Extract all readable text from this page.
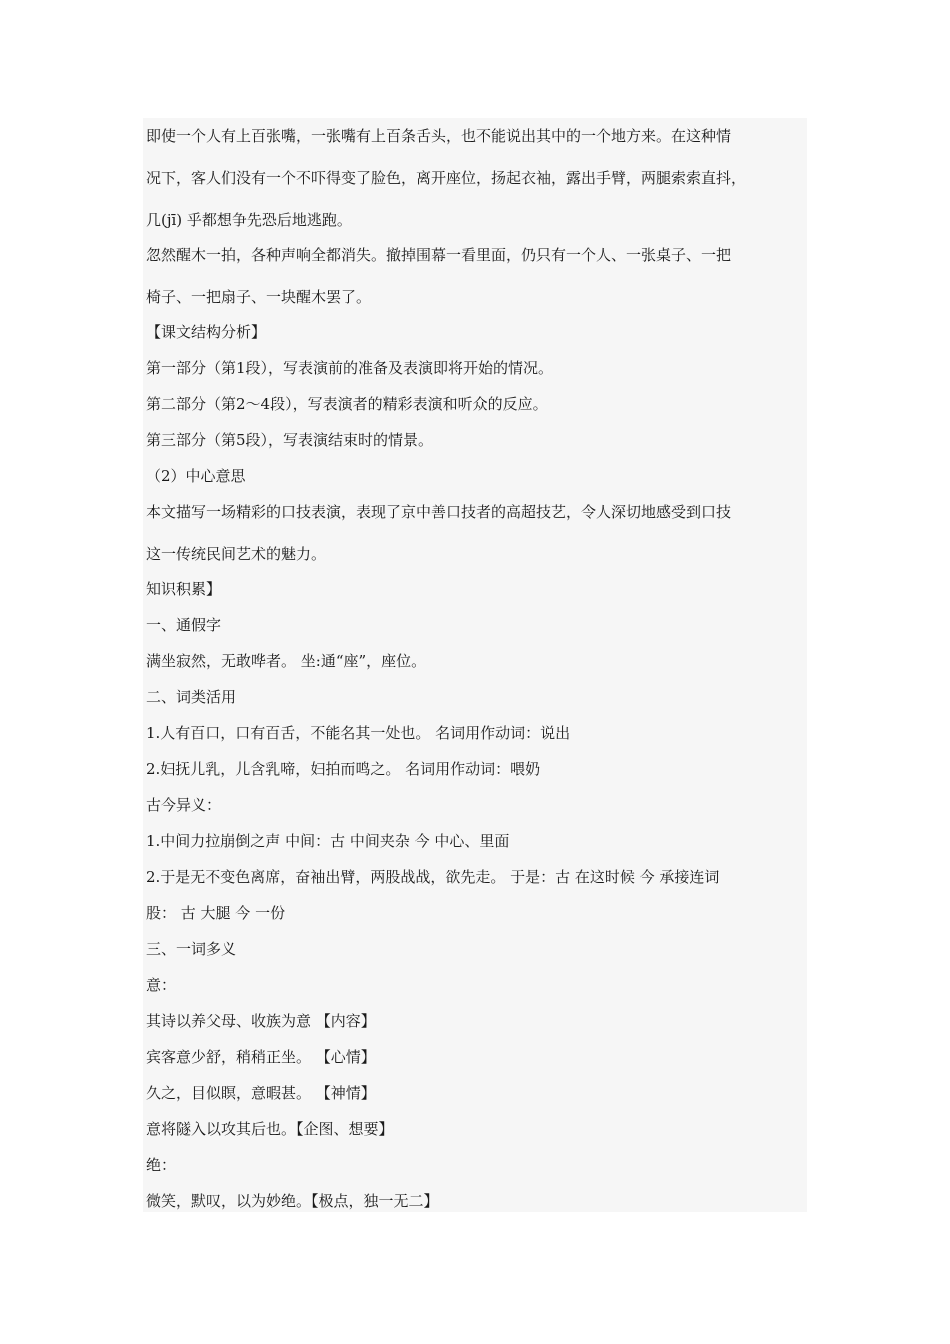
即使一个人有上百张嘴，一张嘴有上百条舌头，也不能说出其中的一个地方来。在这种情
况下，客人们没有一个不吓得变了脸色，离开座位，扬起衣袖，露出手臂，两腿索索直抖，
几(jī) 乎都想争先恐后地逃跑。
忽然醒木一拍，各种声响全都消失。撤掉围幕一看里面，仍只有一个人、一张桌子、一把
椅子、一把扇子、一块醒木罢了。
【课文结构分析】
第一部分（第1段），写表演前的准备及表演即将开始的情况。
第二部分（第2～4段），写表演者的精彩表演和听众的反应。
第三部分（第5段），写表演结束时的情景。
（2）中心意思
本文描写一场精彩的口技表演，表现了京中善口技者的高超技艺，令人深切地感受到口技
这一传统民间艺术的魅力。
知识积累】
一、通假字
满坐寂然，无敢哗者。 坐:通“座”，座位。
二、词类活用
1.人有百口，口有百舌，不能名其一处也。 名词用作动词：说出
2.妇抚儿乳，儿含乳啼，妇拍而鸣之。 名词用作动词：喂奶
古今异义：
1.中间力拉崩倒之声 中间：古 中间夹杂 今 中心、里面
2.于是无不变色离席，奋袖出臂，两股战战，欲先走。 于是：古 在这时候 今 承接连词
股： 古 大腿 今 一份
三、一词多义
意：
其诗以养父母、收族为意 【内容】
宾客意少舒，稍稍正坐。 【心情】
久之，目似瞑，意暇甚。 【神情】
意将隧入以攻其后也。【企图、想要】
绝：
微笑，默叹，以为妙绝。【极点，独一无二】
